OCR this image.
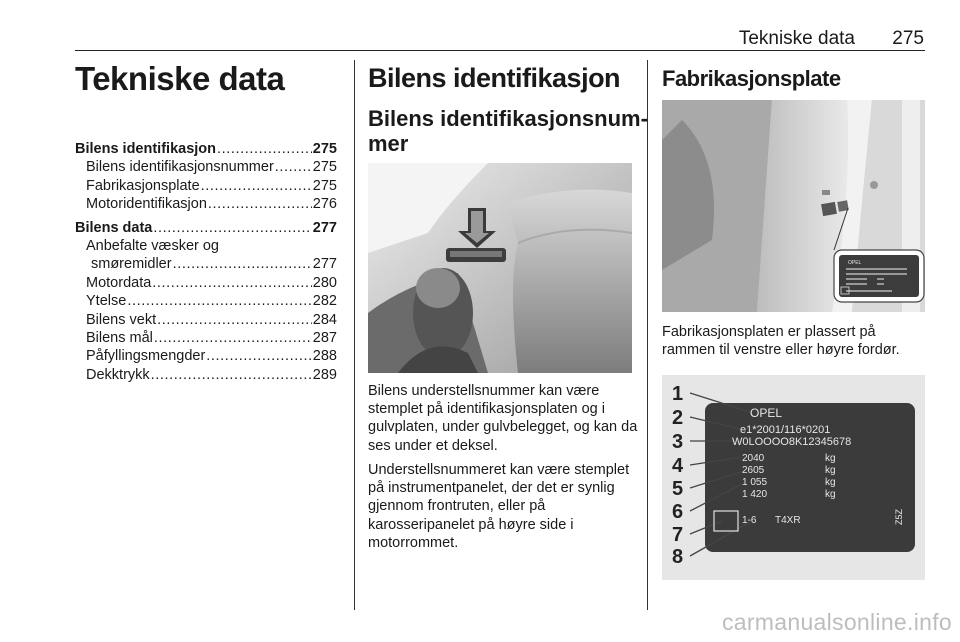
Tekniske data 275
Tekniske data
Bilens identifikasjon .....	275
Bilens identifikasjonsnummer .....	275
Fabrikasjonsplate .....	275
Motoridentifikasjon .....	276
Bilens data .....	277
Anbefalte væsker og
smøremidler .....	277
Motordata .....	280
Ytelse .....	282
Bilens vekt .....	284
Bilens mål .....	287
Påfyllingsmengder .....	288
Dekktrykk .....	289
Bilens identifikasjon
Bilens identifikasjonsnum-
mer
Bilens understellsnummer kan være stemplet på identifikasjonsplaten og i gulvplaten, under gulvbelegget, og kan da ses under et deksel.
Understellsnummeret kan være stemplet på instrumentpanelet, der det er synlig gjennom frontruten, eller på karosseripanelet på høyre side i motorrommet.
Fabrikasjonsplate
OPEL
Fabrikasjonsplaten er plassert på rammen til venstre eller høyre fordør.
1
2
3
4
5
6
7
8
OPEL
e1*2001/116*0201
W0LOOOO8K12345678
2040
2605
1 055
1 420
kg
kg
kg
kg
1-6 T4XR	Z5Z
carmanualsonline.info
